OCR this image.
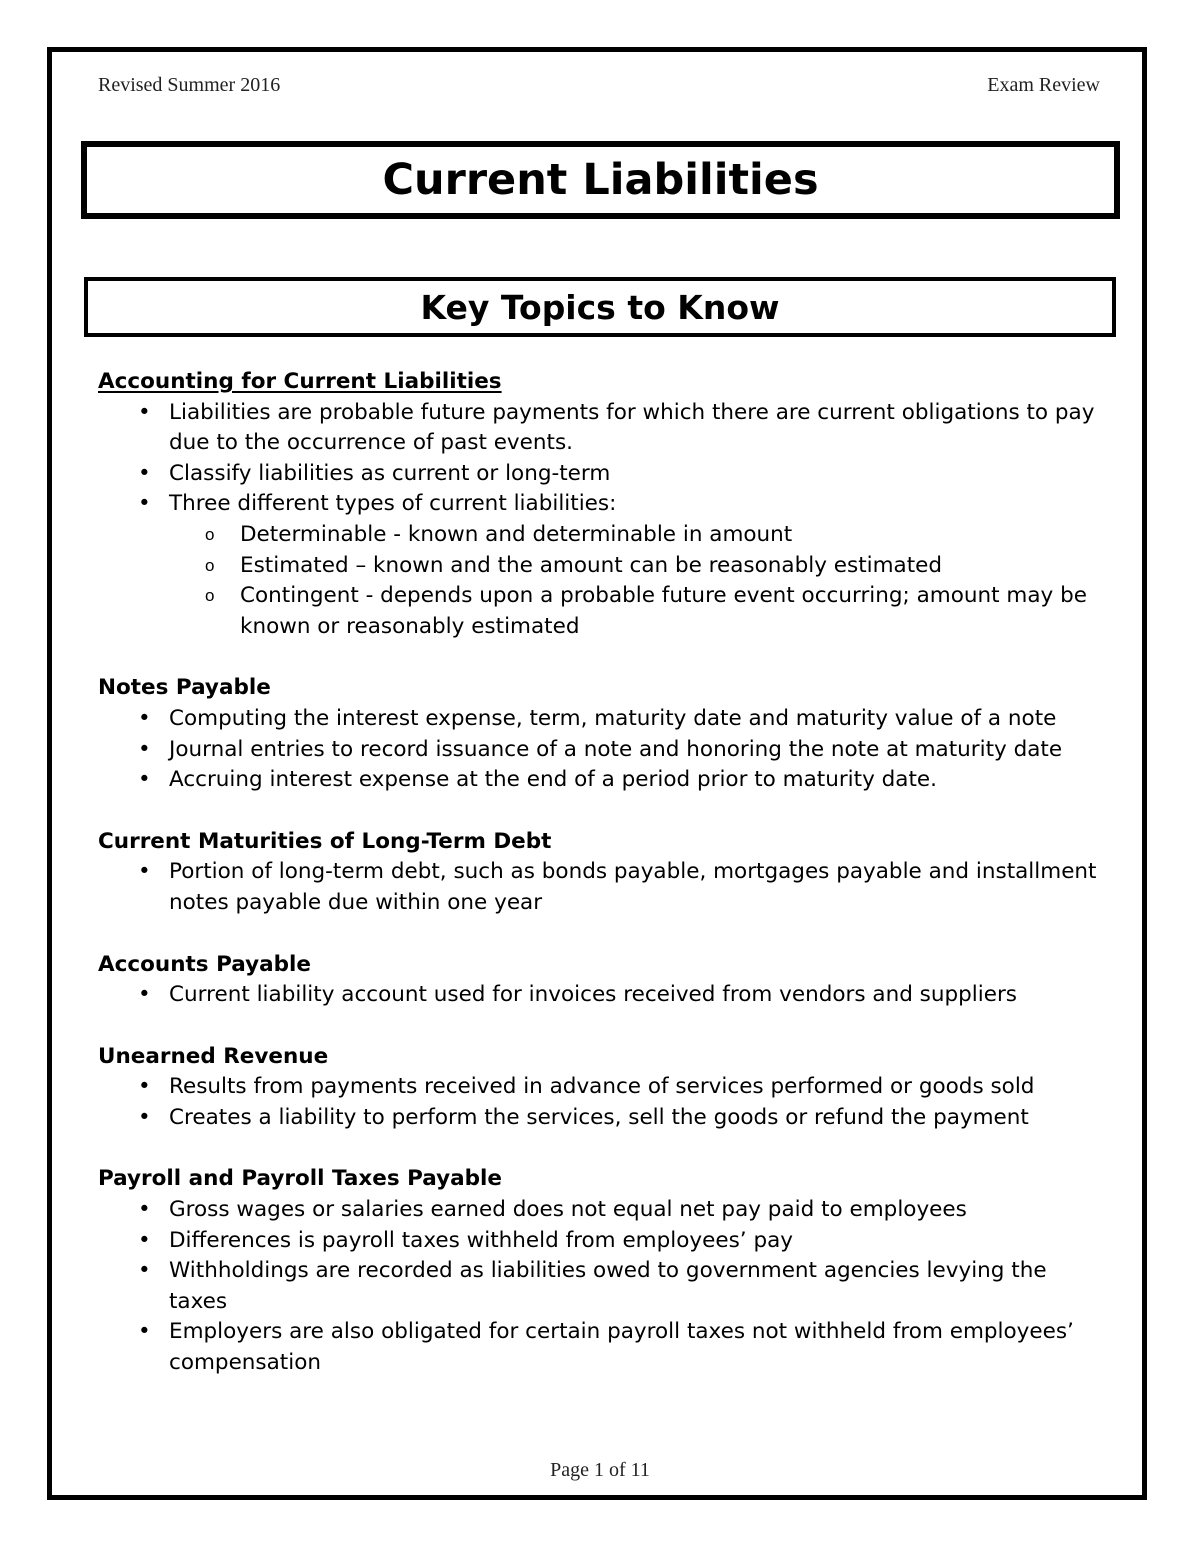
Revised Summer 2016	Exam Review
Current Liabilities
Key Topics to Know
Accounting for Current Liabilities
• Liabilities are probable future payments for which there are current obligations to pay due to the occurrence of past events.
• Classify liabilities as current or long-term
• Three different types of current liabilities:
o Determinable - known and determinable in amount
o Estimated – known and the amount can be reasonably estimated
o Contingent - depends upon a probable future event occurring; amount may be known or reasonably estimated
Notes Payable
• Computing the interest expense, term, maturity date and maturity value of a note
• Journal entries to record issuance of a note and honoring the note at maturity date
• Accruing interest expense at the end of a period prior to maturity date.
Current Maturities of Long-Term Debt
• Portion of long-term debt, such as bonds payable, mortgages payable and installment notes payable due within one year
Accounts Payable
• Current liability account used for invoices received from vendors and suppliers
Unearned Revenue
• Results from payments received in advance of services performed or goods sold
• Creates a liability to perform the services, sell the goods or refund the payment
Payroll and Payroll Taxes Payable
• Gross wages or salaries earned does not equal net pay paid to employees
• Differences is payroll taxes withheld from employees’ pay
• Withholdings are recorded as liabilities owed to government agencies levying the taxes
• Employers are also obligated for certain payroll taxes not withheld from employees’ compensation
Page 1 of 11
